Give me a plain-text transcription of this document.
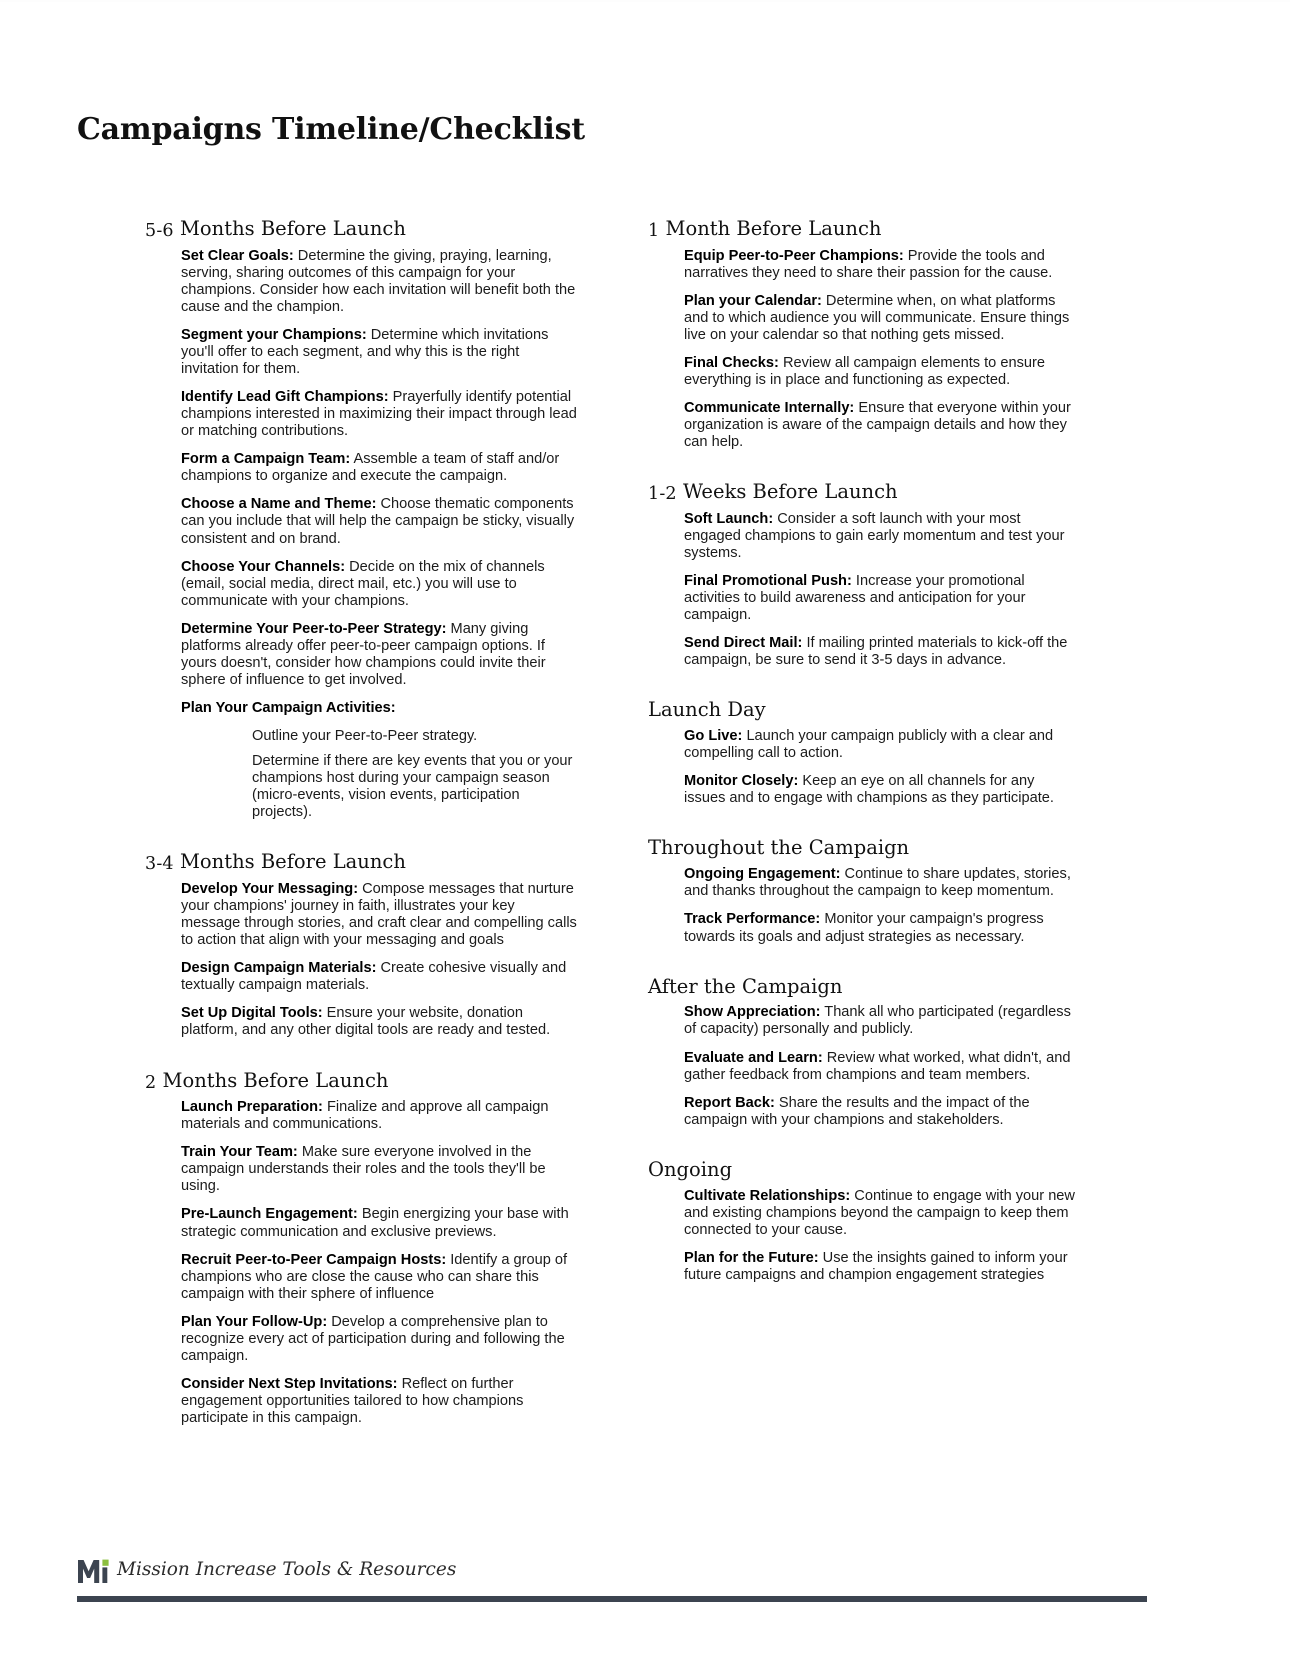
Campaigns Timeline/Checklist
5-6 Months Before Launch

Set Clear Goals: Determine the giving, praying, learning, serving, sharing outcomes of this campaign for your champions. Consider how each invitation will benefit both the cause and the champion.

Segment your Champions: Determine which invitations you'll offer to each segment, and why this is the right invitation for them.

Identify Lead Gift Champions: Prayerfully identify potential champions interested in maximizing their impact through lead or matching contributions.

Form a Campaign Team: Assemble a team of staff and/or champions to organize and execute the campaign.

Choose a Name and Theme: Choose thematic components can you include that will help the campaign be sticky, visually consistent and on brand.

Choose Your Channels: Decide on the mix of channels (email, social media, direct mail, etc.) you will use to communicate with your champions.

Determine Your Peer-to-Peer Strategy: Many giving platforms already offer peer-to-peer campaign options. If yours doesn't, consider how champions could invite their sphere of influence to get involved.

Plan Your Campaign Activities:

Outline your Peer-to-Peer strategy.

Determine if there are key events that you or your champions host during your campaign season (micro-events, vision events, participation projects).

3-4 Months Before Launch

Develop Your Messaging: Compose messages that nurture your champions' journey in faith, illustrates your key message through stories, and craft clear and compelling calls to action that align with your messaging and goals

Design Campaign Materials: Create cohesive visually and textually campaign materials.

Set Up Digital Tools: Ensure your website, donation platform, and any other digital tools are ready and tested.

2 Months Before Launch

Launch Preparation: Finalize and approve all campaign materials and communications.

Train Your Team: Make sure everyone involved in the campaign understands their roles and the tools they'll be using.

Pre-Launch Engagement: Begin energizing your base with strategic communication and exclusive previews.

Recruit Peer-to-Peer Campaign Hosts: Identify a group of champions who are close the cause who can share this campaign with their sphere of influence

Plan Your Follow-Up: Develop a comprehensive plan to recognize every act of participation during and following the campaign.

Consider Next Step Invitations: Reflect on further engagement opportunities tailored to how champions participate in this campaign.

1 Month Before Launch

Equip Peer-to-Peer Champions: Provide the tools and narratives they need to share their passion for the cause.

Plan your Calendar: Determine when, on what platforms and to which audience you will communicate. Ensure things live on your calendar so that nothing gets missed.

Final Checks: Review all campaign elements to ensure everything is in place and functioning as expected.

Communicate Internally: Ensure that everyone within your organization is aware of the campaign details and how they can help.

1-2 Weeks Before Launch

Soft Launch: Consider a soft launch with your most engaged champions to gain early momentum and test your systems.

Final Promotional Push: Increase your promotional activities to build awareness and anticipation for your campaign.

Send Direct Mail: If mailing printed materials to kick-off the campaign, be sure to send it 3-5 days in advance.

Launch Day

Go Live: Launch your campaign publicly with a clear and compelling call to action.

Monitor Closely: Keep an eye on all channels for any issues and to engage with champions as they participate.

Throughout the Campaign

Ongoing Engagement: Continue to share updates, stories, and thanks throughout the campaign to keep momentum.

Track Performance: Monitor your campaign's progress towards its goals and adjust strategies as necessary.

After the Campaign

Show Appreciation: Thank all who participated (regardless of capacity) personally and publicly.

Evaluate and Learn: Review what worked, what didn't, and gather feedback from champions and team members.

Report Back: Share the results and the impact of the campaign with your champions and stakeholders.

Ongoing

Cultivate Relationships: Continue to engage with your new and existing champions beyond the campaign to keep them connected to your cause.

Plan for the Future: Use the insights gained to inform your future campaigns and champion engagement strategies

Mission Increase Tools & Resources
